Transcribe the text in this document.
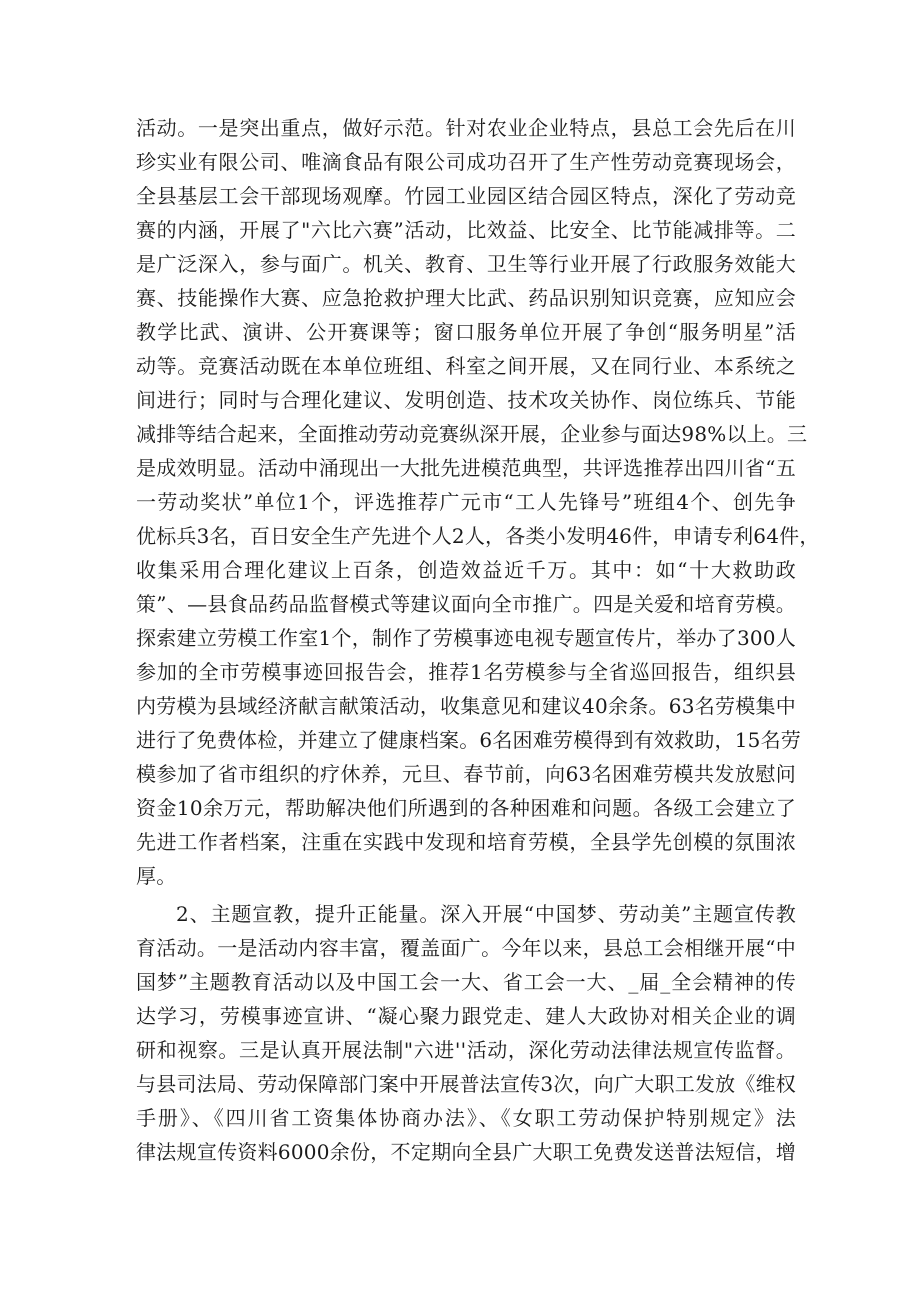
活动。一是突出重点，做好示范。针对农业企业特点，县总工会先后在川
珍实业有限公司、唯滴食品有限公司成功召开了生产性劳动竞赛现场会，
全县基层工会干部现场观摩。竹园工业园区结合园区特点，深化了劳动竞
赛的内涵，开展了"六比六赛”活动，比效益、比安全、比节能减排等。二
是广泛深入，参与面广。机关、教育、卫生等行业开展了行政服务效能大
赛、技能操作大赛、应急抢救护理大比武、药品识别知识竞赛，应知应会
教学比武、演讲、公开赛课等；窗口服务单位开展了争创“服务明星”活
动等。竞赛活动既在本单位班组、科室之间开展，又在同行业、本系统之
间进行；同时与合理化建议、发明创造、技术攻关协作、岗位练兵、节能
减排等结合起来，全面推动劳动竞赛纵深开展，企业参与面达98%以上。三
是成效明显。活动中涌现出一大批先进模范典型，共评选推荐出四川省“五
一劳动奖状”单位1个，评选推荐广元市“工人先锋号”班组4个、创先争
优标兵3名，百日安全生产先进个人2人，各类小发明46件，申请专利64件，
收集采用合理化建议上百条，创造效益近千万。其中：如“十大救助政
策”、—县食品药品监督模式等建议面向全市推广。四是关爱和培育劳模。
探索建立劳模工作室1个，制作了劳模事迹电视专题宣传片，举办了300人
参加的全市劳模事迹回报告会，推荐1名劳模参与全省巡回报告，组织县
内劳模为县域经济献言献策活动，收集意见和建议40余条。63名劳模集中
进行了免费体检，并建立了健康档案。6名困难劳模得到有效救助，15名劳
模参加了省市组织的疗休养，元旦、春节前，向63名困难劳模共发放慰问
资金10余万元，帮助解决他们所遇到的各种困难和问题。各级工会建立了
先进工作者档案，注重在实践中发现和培育劳模，全县学先创模的氛围浓
厚。
2、主题宣教，提升正能量。深入开展“中国梦、劳动美”主题宣传教
育活动。一是活动内容丰富，覆盖面广。今年以来，县总工会相继开展“中
国梦”主题教育活动以及中国工会一大、省工会一大、_届_全会精神的传
达学习，劳模事迹宣讲、“凝心聚力跟党走、建人大政协对相关企业的调
研和视察。三是认真开展法制"六进''活动，深化劳动法律法规宣传监督。
与县司法局、劳动保障部门案中开展普法宣传3次，向广大职工发放《维权
手册》、《四川省工资集体协商办法》、《女职工劳动保护特别规定》法
律法规宣传资料6000余份，不定期向全县广大职工免费发送普法短信，增
